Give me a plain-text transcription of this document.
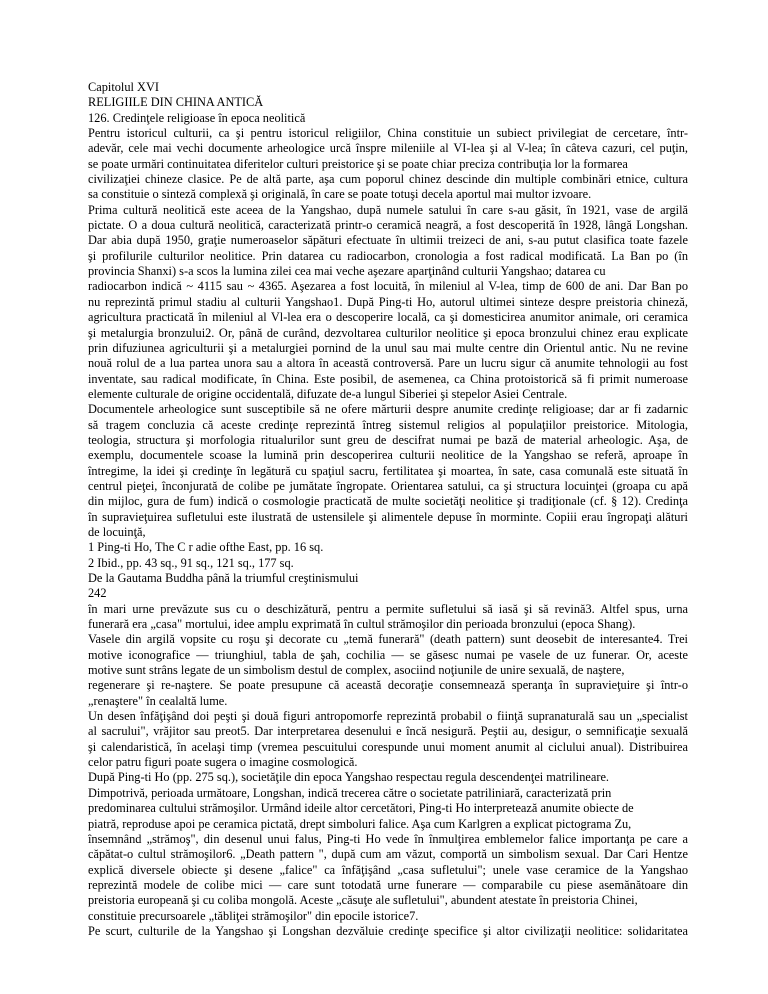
Capitolul XVI
RELIGIILE DIN CHINA ANTICĂ
126. Credinţele religioase în epoca neolitică
Pentru istoricul culturii, ca şi pentru istoricul religiilor, China constituie un subiect privilegiat de cercetare, într-
adevăr, cele mai vechi documente arheologice urcă înspre mileniile al VI-lea şi al V-lea; în câteva cazuri, cel puţin,
se poate urmări continuitatea diferitelor culturi preistorice şi se poate chiar preciza contribuţia lor la formarea
civilizaţiei chineze clasice. Pe de altă parte, aşa cum poporul chinez descinde din multiple combinări etnice, cultura
sa constituie o sinteză complexă şi originală, în care se poate totuşi decela aportul mai multor izvoare.
Prima cultură neolitică este aceea de la Yangshao, după numele satului în care s-au găsit, în 1921, vase de argilă
pictate. O a doua cultură neolitică, caracterizată printr-o ceramică neagră, a fost descoperită în 1928, lângă Longshan.
Dar abia după 1950, graţie numeroaselor săpături efectuate în ultimii treizeci de ani, s-au putut clasifica toate fazele
şi profilurile culturilor neolitice. Prin datarea cu radiocarbon, cronologia a fost radical modificată. La Ban po (în
provincia Shanxi) s-a scos la lumina zilei cea mai veche aşezare aparţinând culturii Yangshao; datarea cu
radiocarbon indică ~ 4115 sau ~ 4365. Aşezarea a fost locuită, în mileniul al V-lea, timp de 600 de ani. Dar Ban po
nu reprezintă primul stadiu al culturii Yangshao1. După Ping-ti Ho, autorul ultimei sinteze despre preistoria chineză,
agricultura practicată în mileniul al Vl-lea era o descoperire locală, ca şi domesticirea anumitor animale, ori ceramica
şi metalurgia bronzului2. Or, până de curând, dezvoltarea culturilor neolitice şi epoca bronzului chinez erau explicate
prin difuziunea agriculturii şi a metalurgiei pornind de la unul sau mai multe centre din Orientul antic. Nu ne revine
nouă rolul de a lua partea unora sau a altora în această controversă. Pare un lucru sigur că anumite tehnologii au fost
inventate, sau radical modificate, în China. Este posibil, de asemenea, ca China protoistorică să fi primit numeroase
elemente culturale de origine occidentală, difuzate de-a lungul Siberiei şi stepelor Asiei Centrale.
Documentele arheologice sunt susceptibile să ne ofere mărturii despre anumite credinţe religioase; dar ar fi zadarnic
să tragem concluzia că aceste credinţe reprezintă întreg sistemul religios al populaţiilor preistorice. Mitologia,
teologia, structura şi morfologia ritualurilor sunt greu de descifrat numai pe bază de material arheologic. Aşa, de
exemplu, documentele scoase la lumină prin descoperirea culturii neolitice de la Yangshao se referă, aproape în
întregime, la idei şi credinţe în legătură cu spaţiul sacru, fertilitatea şi moartea, în sate, casa comunală este situată în
centrul pieţei, înconjurată de colibe pe jumătate îngropate. Orientarea satului, ca şi structura locuinţei (groapa cu apă
din mijloc, gura de fum) indică o cosmologie practicată de multe societăţi neolitice şi tradiţionale (cf. § 12). Credinţa
în supravieţuirea sufletului este ilustrată de ustensilele şi alimentele depuse în morminte. Copiii erau îngropaţi alături
de locuinţă,
1 Ping-ti Ho, The C r adie ofthe East, pp. 16 sq.
2 Ibid., pp. 43 sq., 91 sq., 121 sq., 177 sq.
De la Gautama Buddha până la triumful creştinismului
242
în mari urne prevăzute sus cu o deschizătură, pentru a permite sufletului să iasă şi să revină3. Altfel spus, urna
funerară era „casa" mortului, idee amplu exprimată în cultul strămoşilor din perioada bronzului (epoca Shang).
Vasele din argilă vopsite cu roşu şi decorate cu „temă funerară" (death pattern) sunt deosebit de interesante4. Trei
motive iconografice — triunghiul, tabla de şah, cochilia — se găsesc numai pe vasele de uz funerar. Or, aceste
motive sunt strâns legate de un simbolism destul de complex, asociind noţiunile de unire sexuală, de naştere,
regenerare şi re-naştere. Se poate presupune că această decoraţie consemnează speranţa în supravieţuire şi într-o
„renaştere" în cealaltă lume.
Un desen înfăţişând doi peşti şi două figuri antropomorfe reprezintă probabil o fiinţă supranaturală sau un „specialist
al sacrului", vrăjitor sau preot5. Dar interpretarea desenului e încă nesigură. Peştii au, desigur, o semnificaţie sexuală
şi calendaristică, în acelaşi timp (vremea pescuitului corespunde unui moment anumit al ciclului anual). Distribuirea
celor patru figuri poate sugera o imagine cosmologică.
După Ping-ti Ho (pp. 275 sq.), societăţile din epoca Yangshao respectau regula descendenţei matrilineare.
Dimpotrivă, perioada următoare, Longshan, indică trecerea către o societate patriliniară, caracterizată prin
predominarea cultului strămoşilor. Urmând ideile altor cercetători, Ping-ti Ho interpretează anumite obiecte de
piatră, reproduse apoi pe ceramica pictată, drept simboluri falice. Aşa cum Karlgren a explicat pictograma Zu,
însemnând „strămoş", din desenul unui falus, Ping-ti Ho vede în înmulţirea emblemelor falice importanţa pe care a
căpătat-o cultul strămoşilor6. „Death pattern ", după cum am văzut, comportă un simbolism sexual. Dar Cari Hentze
explică diversele obiecte şi desene „falice" ca înfăţişând „casa sufletului"; unele vase ceramice de la Yangshao
reprezintă modele de colibe mici — care sunt totodată urne funerare — comparabile cu piese asemănătoare din
preistoria europeană şi cu coliba mongolă. Aceste „căsuţe ale sufletului", abundent atestate în preistoria Chinei,
constituie precursoarele „tăbliţei strămoşilor" din epocile istorice7.
Pe scurt, culturile de la Yangshao şi Longshan dezvăluie credinţe specifice şi altor civilizaţii neolitice: solidaritatea
